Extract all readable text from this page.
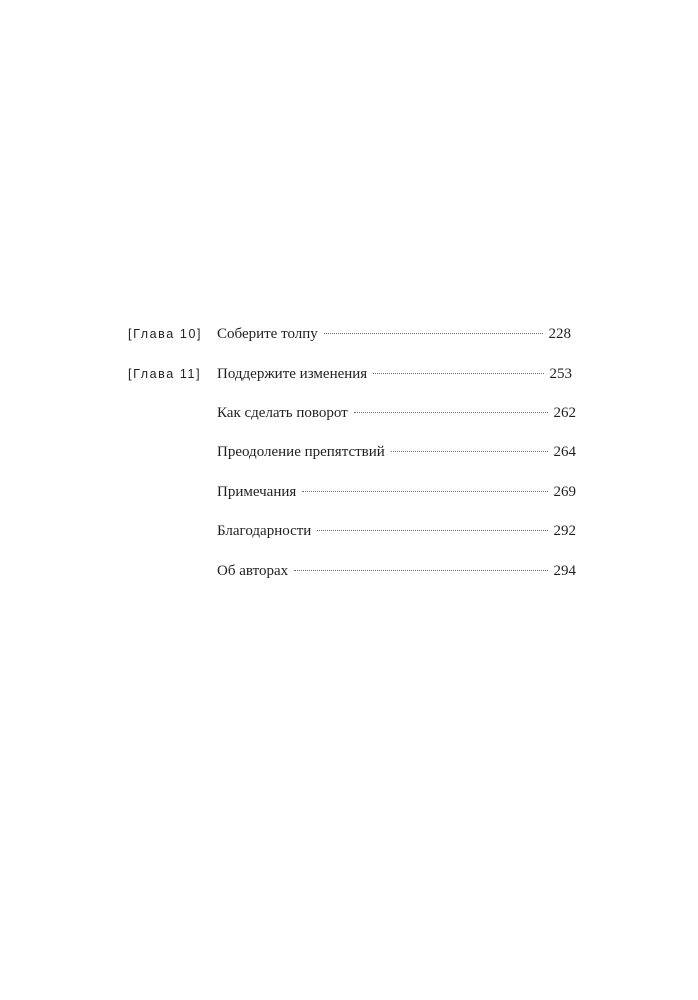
[Глава 10] Соберите толпу	228
[Глава 11] Поддержите изменения	253
Как сделать поворот	262
Преодоление препятствий	264
Примечания	269
Благодарности	292
Об авторах	294
